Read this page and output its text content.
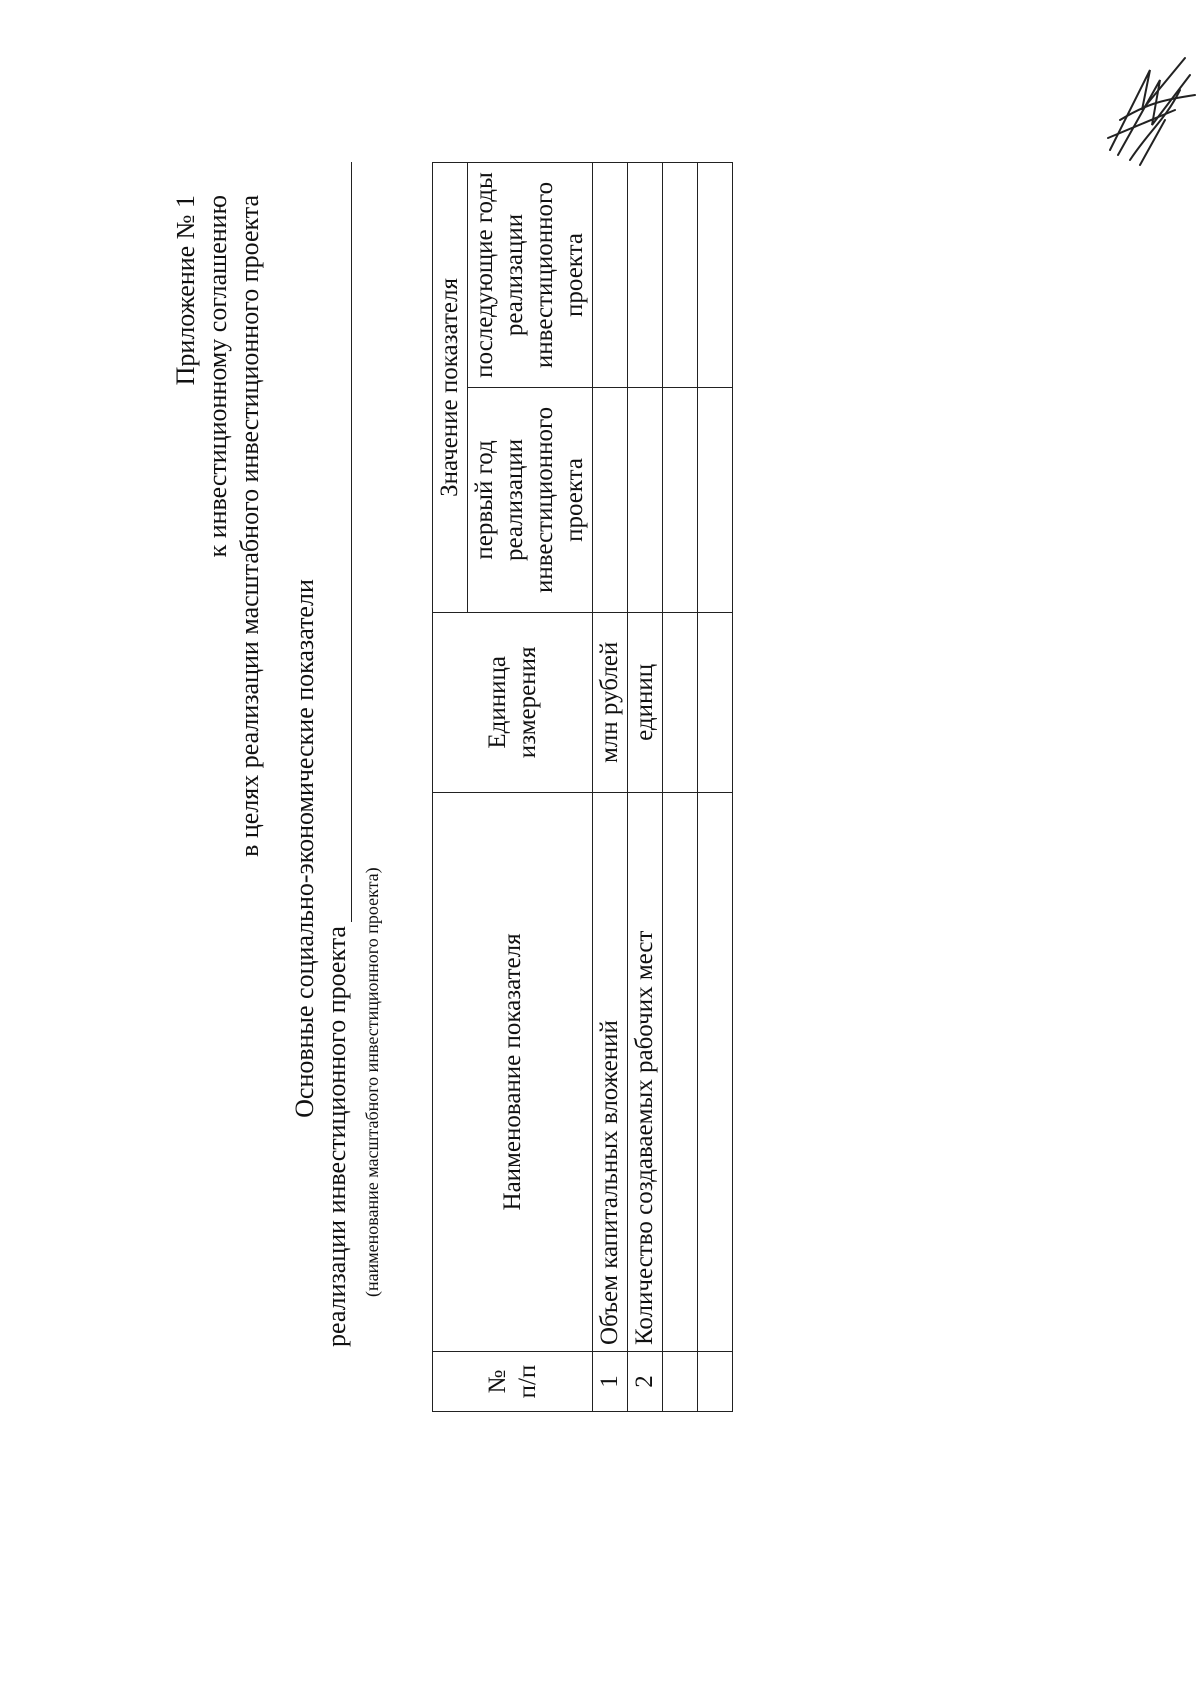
Приложение № 1 к инвестиционному соглашению в целях реализации масштабного инвестиционного проекта Основные социально-экономические показатели
реализации инвестиционного проекта (наименование масштабного инвестиционного проекта)
№ п/п	Наименование показателя	Единица измерения	Значение показателя	
			первый год реализации инвестиционного проекта	последующие годы реализации инвестиционного проекта
1	Объем капитальных вложений	млн рублей		
2	Количество создаваемых рабочих мест	единиц		
